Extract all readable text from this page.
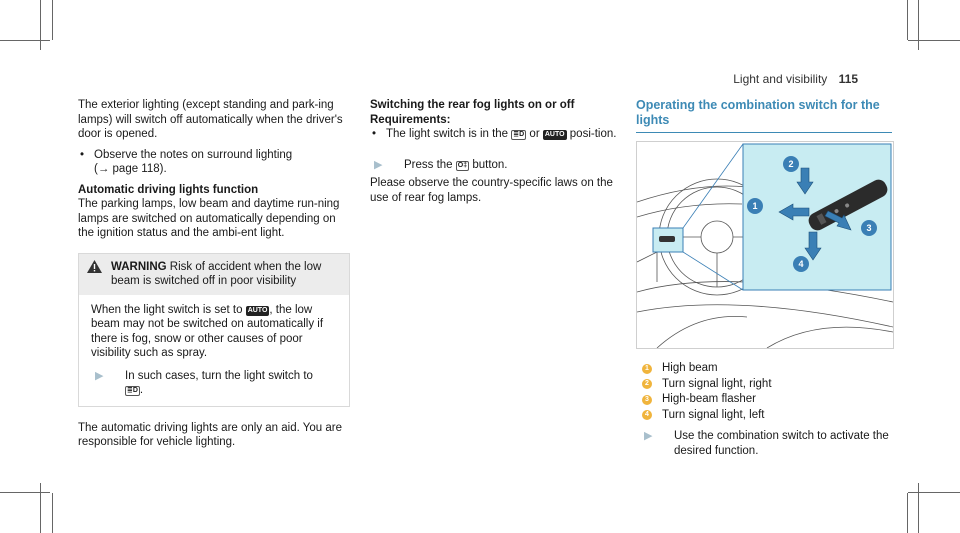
Light and visibility 115

The exterior lighting (except standing and park-ing lamps) will switch off automatically when the driver's door is opened.

• Observe the notes on surround lighting
(→ page 118).

Automatic driving lights function

The parking lamps, low beam and daytime run-ning lamps are switched on automatically depending on the ignition status and the ambi-ent light.

WARNING Risk of accident when the low beam is switched off in poor visibility

When the light switch is set to AUTO , the low beam may not be switched on automatically if there is fog, snow or other causes of poor visibility such as spray.

▶	In such cases, turn the light switch to
≣D .

The automatic driving lights are only an aid. You are responsible for vehicle lighting.

Switching the rear fog lights on or off

Requirements:

• The light switch is in the ≣D or AUTO posi-tion.
▶	Press the O‡ button.

Please observe the country-specific laws on the use of rear fog lamps.

Operating the combination switch for the lights

2
1
3
4
1 High beam
2 Turn signal light, right
3 High-beam flasher
4 Turn signal light, left
▶	Use the combination switch to activate the desired function.
